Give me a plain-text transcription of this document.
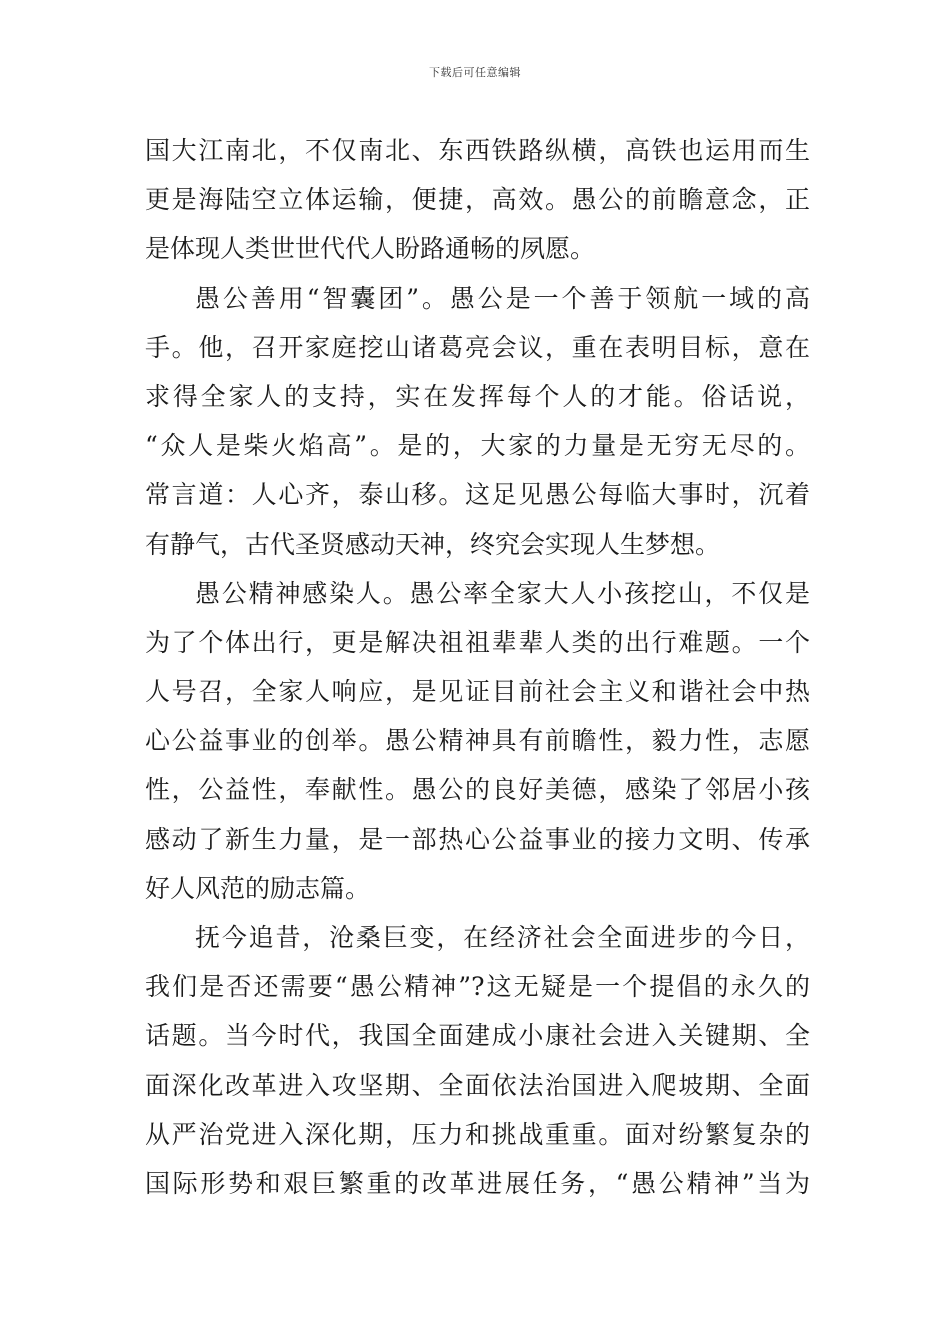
下载后可任意编辑
国大江南北，不仅南北、东西铁路纵横，高铁也运用而生
更是海陆空立体运输，便捷，高效。愚公的前瞻意念，正
是体现人类世世代代人盼路通畅的夙愿。
愚公善用“智囊团”。愚公是一个善于领航一域的高
手。他，召开家庭挖山诸葛亮会议，重在表明目标，意在
求得全家人的支持，实在发挥每个人的才能。俗话说，
“众人是柴火焰高”。是的，大家的力量是无穷无尽的。
常言道：人心齐，泰山移。这足见愚公每临大事时，沉着
有静气，古代圣贤感动天神，终究会实现人生梦想。
愚公精神感染人。愚公率全家大人小孩挖山，不仅是
为了个体出行，更是解决祖祖辈辈人类的出行难题。一个
人号召，全家人响应，是见证目前社会主义和谐社会中热
心公益事业的创举。愚公精神具有前瞻性，毅力性，志愿
性，公益性，奉献性。愚公的良好美德，感染了邻居小孩
感动了新生力量，是一部热心公益事业的接力文明、传承
好人风范的励志篇。
抚今追昔，沧桑巨变，在经济社会全面进步的今日，
我们是否还需要“愚公精神”?这无疑是一个提倡的永久的
话题。当今时代，我国全面建成小康社会进入关键期、全
面深化改革进入攻坚期、全面依法治国进入爬坡期、全面
从严治党进入深化期，压力和挑战重重。面对纷繁复杂的
国际形势和艰巨繁重的改革进展任务，“愚公精神”当为
